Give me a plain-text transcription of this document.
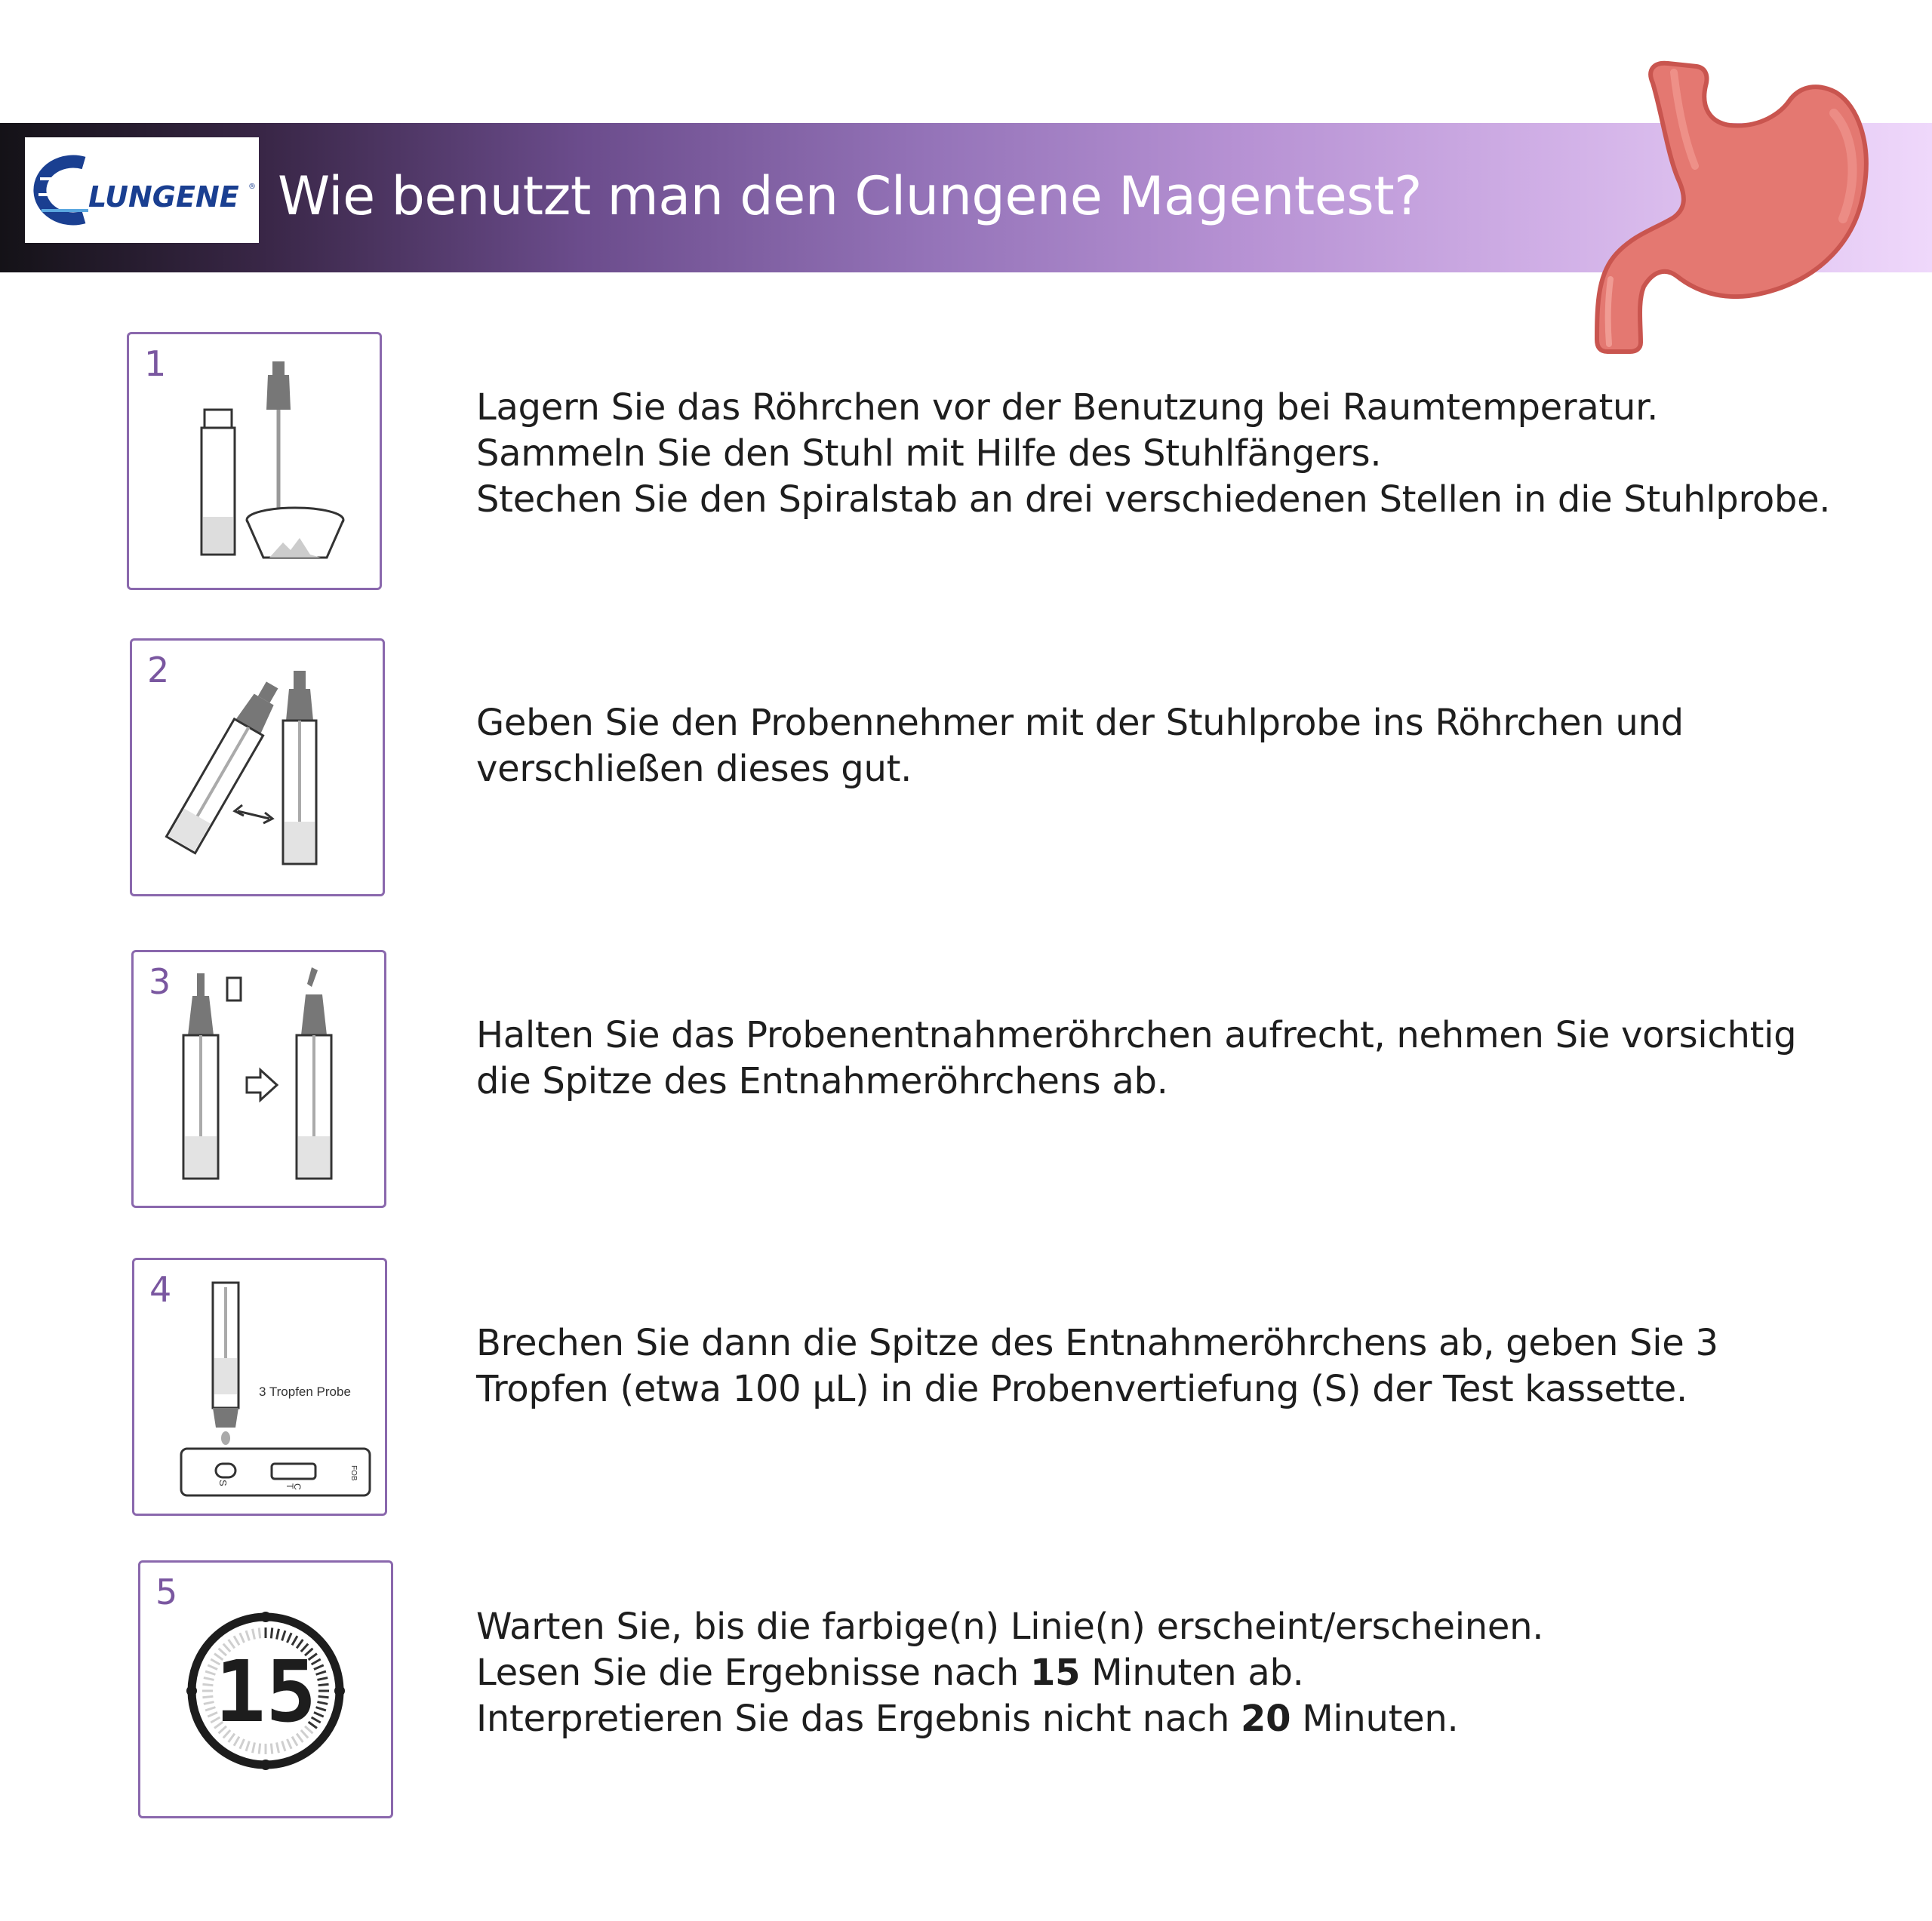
LUNGENE ® Wie benutzt man den Clungene Magentest?
1
Lagern Sie das Röhrchen vor der Benutzung bei Raumtemperatur.
Sammeln Sie den Stuhl mit Hilfe des Stuhlfängers.
Stechen Sie den Spiralstab an drei verschiedenen Stellen in die Stuhlprobe.
2
Geben Sie den Probennehmer mit der Stuhlprobe ins Röhrchen und
verschließen dieses gut.
3
Halten Sie das Probenentnahmeröhrchen aufrecht, nehmen Sie vorsichtig
die Spitze des Entnahmeröhrchens ab.
4
3 Tropfen Probe
S
C
T
FOB
Brechen Sie dann die Spitze des Entnahmeröhrchens ab, geben Sie 3
Tropfen (etwa 100 µL) in die Probenvertiefung (S) der Test kassette.
5
15
Warten Sie, bis die farbige(n) Linie(n) erscheint/erscheinen.
Lesen Sie die Ergebnisse nach 15 Minuten ab.
Interpretieren Sie das Ergebnis nicht nach 20 Minuten.
